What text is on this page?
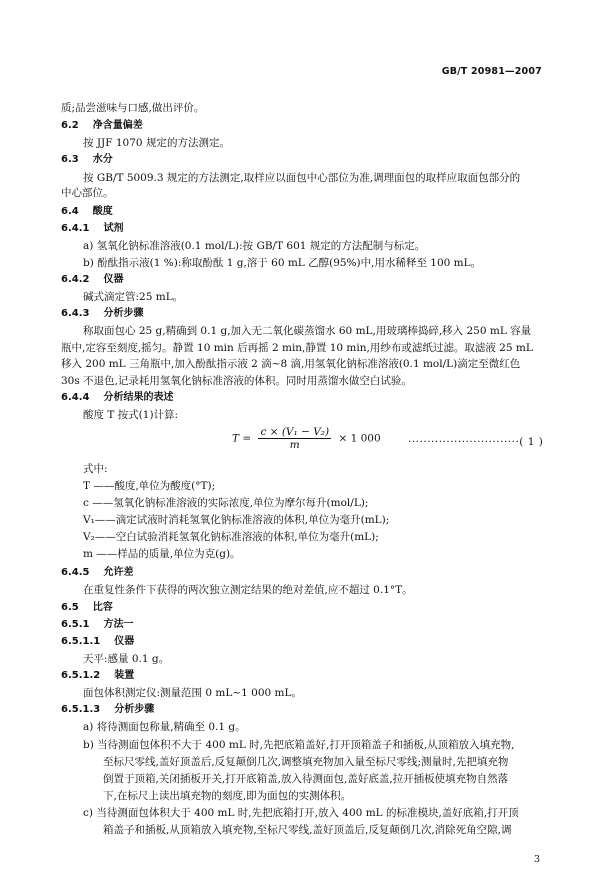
GB/T 20981—2007
质;品尝滋味与口感,做出评价。
6.2 净含量偏差
按 JJF 1070 规定的方法测定。
6.3 水分
按 GB/T 5009.3 规定的方法测定,取样应以面包中心部位为准,调理面包的取样应取面包部分的
中心部位。
6.4 酸度
6.4.1 试剂
a) 氢氧化钠标准溶液(0.1 mol/L):按 GB/T 601 规定的方法配制与标定。
b) 酚酞指示液(1 %):称取酚酞 1 g,溶于 60 mL 乙醇(95%)中,用水稀释至 100 mL。
6.4.2 仪器
碱式滴定管:25 mL。
6.4.3 分析步骤
称取面包心 25 g,精确到 0.1 g,加入无二氧化碳蒸馏水 60 mL,用玻璃棒捣碎,移入 250 mL 容量
瓶中,定容至刻度,摇匀。静置 10 min 后再摇 2 min,静置 10 min,用纱布或滤纸过滤。取滤液 25 mL
移入 200 mL 三角瓶中,加入酚酞指示液 2 滴~8 滴,用氢氧化钠标准溶液(0.1 mol/L)滴定至微红色
30s 不退色,记录耗用氢氧化钠标准溶液的体积。同时用蒸馏水做空白试验。
6.4.4 分析结果的表述
酸度 T 按式(1)计算:
$T = \frac{\text{c × (V₁ − V₂)}}{m} \times 1$ 000	·····························( 1 )
式中:
T ——酸度,单位为酸度(°T);
c ——氢氧化钠标准溶液的实际浓度,单位为摩尔每升(mol/L);
V₁——滴定试液时消耗氢氧化钠标准溶液的体积,单位为毫升(mL);
V₂——空白试验消耗氢氧化钠标准溶液的体积,单位为毫升(mL);
m ——样品的质量,单位为克(g)。
6.4.5 允许差
在重复性条件下获得的两次独立测定结果的绝对差值,应不超过 0.1°T。
6.5 比容
6.5.1 方法一
6.5.1.1 仪器
天平:感量 0.1 g。
6.5.1.2 装置
面包体积测定仪:测量范围 0 mL~1 000 mL。
6.5.1.3 分析步骤
a) 将待测面包称量,精确至 0.1 g。
b) 当待测面包体积不大于 400 mL 时,先把底箱盖好,打开顶箱盖子和插板,从顶箱放入填充物,
至标尺零线,盖好顶盖后,反复颠倒几次,调整填充物加入量至标尺零线;测量时,先把填充物
倒置于顶箱,关闭插板开关,打开底箱盖,放入待测面包,盖好底盖,拉开插板使填充物自然落
下,在标尺上读出填充物的刻度,即为面包的实测体积。
c) 当待测面包体积大于 400 mL 时,先把底箱打开,放入 400 mL 的标准模块,盖好底箱,打开顶
箱盖子和插板,从顶箱放入填充物,至标尺零线,盖好顶盖后,反复颠倒几次,消除死角空隙,调
3
